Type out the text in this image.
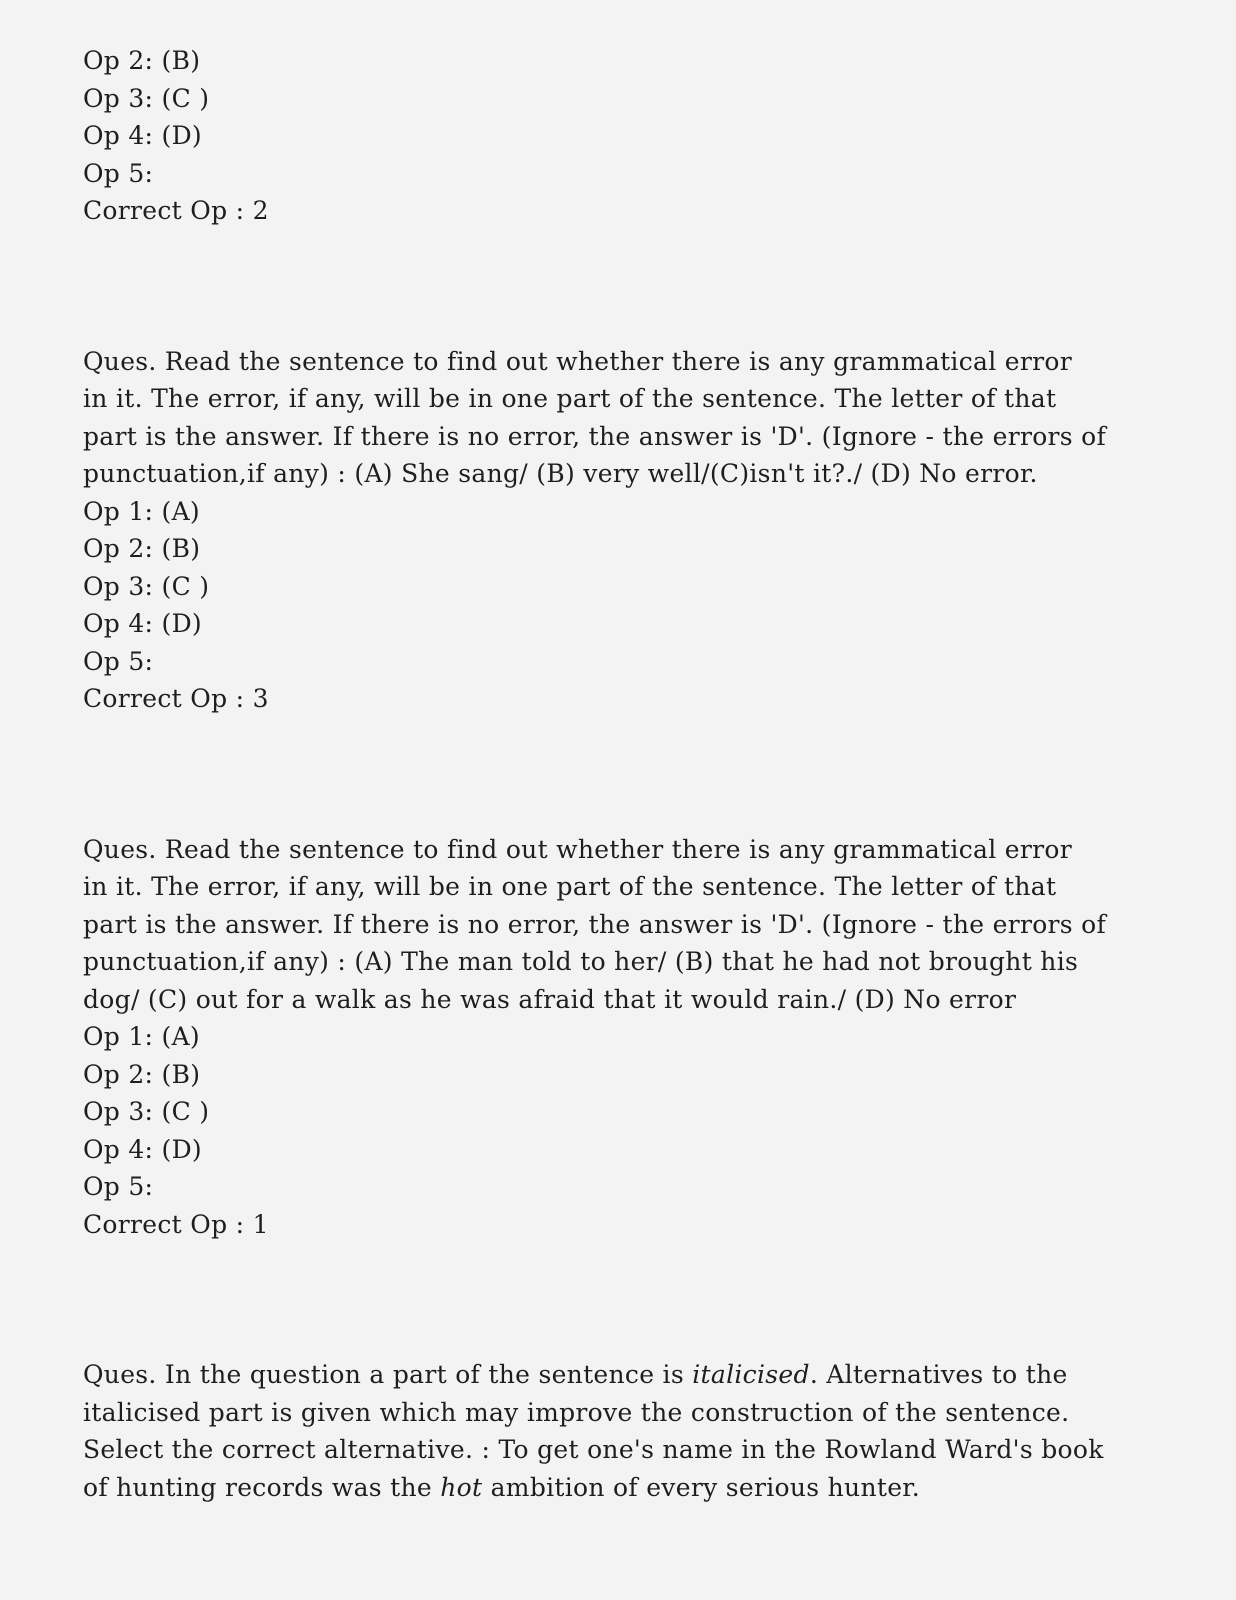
Op 2: (B)
Op 3: (C )
Op 4: (D)
Op 5:
Correct Op : 2
Ques. Read the sentence to find out whether there is any grammatical error
in it. The error, if any, will be in one part of the sentence. The letter of that
part is the answer. If there is no error, the answer is 'D'. (Ignore - the errors of
punctuation,if any) : (A) She sang/ (B) very well/(C)isn't it?./ (D) No error.
Op 1: (A)
Op 2: (B)
Op 3: (C )
Op 4: (D)
Op 5:
Correct Op : 3
Ques. Read the sentence to find out whether there is any grammatical error
in it. The error, if any, will be in one part of the sentence. The letter of that
part is the answer. If there is no error, the answer is 'D'. (Ignore - the errors of
punctuation,if any) : (A) The man told to her/ (B) that he had not brought his
dog/ (C) out for a walk as he was afraid that it would rain./ (D) No error
Op 1: (A)
Op 2: (B)
Op 3: (C )
Op 4: (D)
Op 5:
Correct Op : 1
Ques. In the question a part of the sentence is italicised. Alternatives to the
italicised part is given which may improve the construction of the sentence.
Select the correct alternative. : To get one's name in the Rowland Ward's book
of hunting records was the hot ambition of every serious hunter.
